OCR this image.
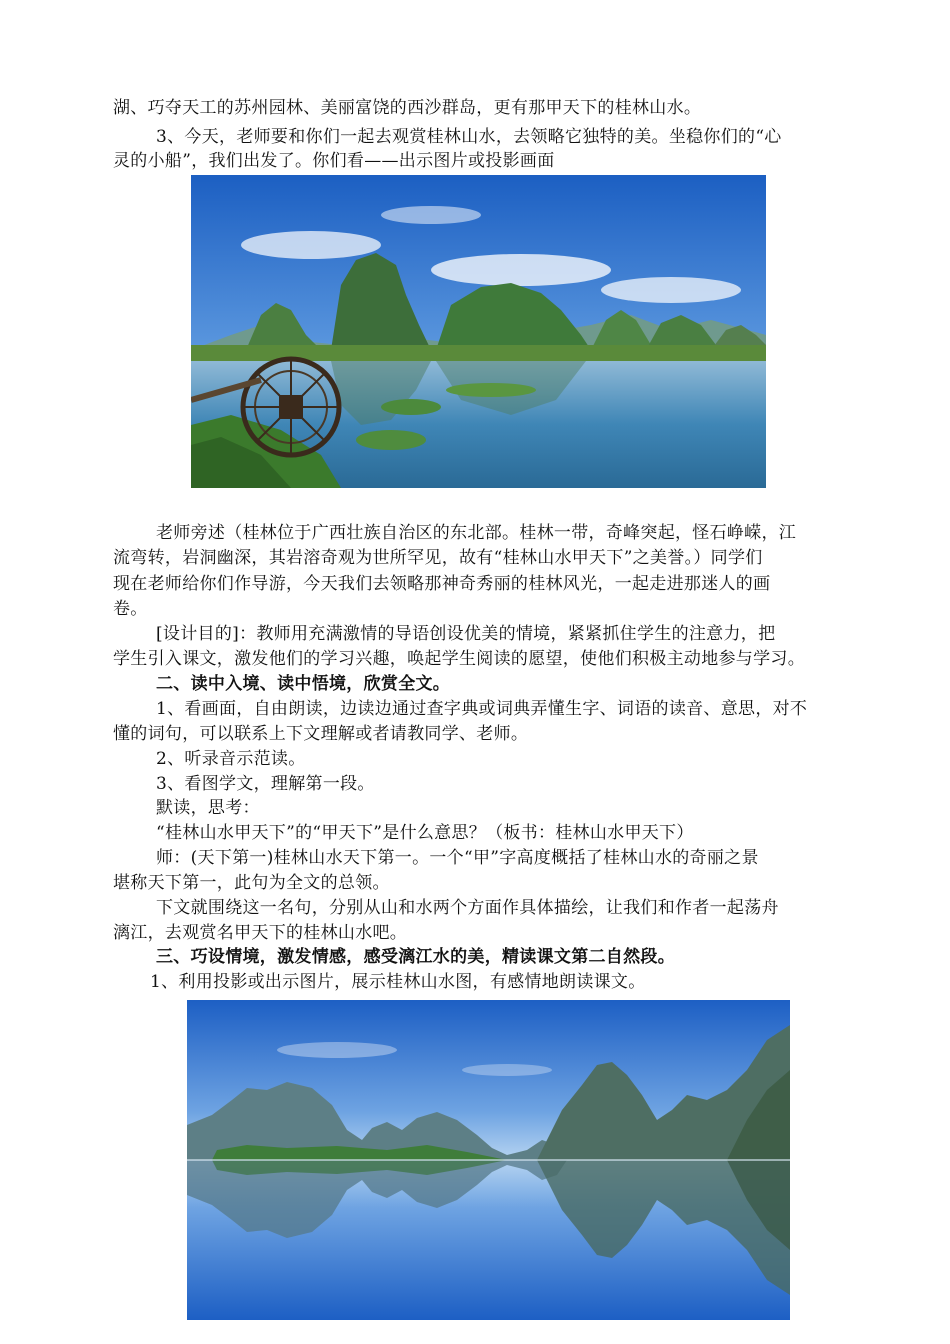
湖、巧夺天工的苏州园林、美丽富饶的西沙群岛，更有那甲天下的桂林山水。
3、今天，老师要和你们一起去观赏桂林山水，去领略它独特的美。坐稳你们的“心
灵的小船”，我们出发了。你们看——出示图片或投影画面
老师旁述（桂林位于广西壮族自治区的东北部。桂林一带，奇峰突起，怪石峥嵘，江
流弯转，岩洞幽深，其岩溶奇观为世所罕见，故有“桂林山水甲天下”之美誉。）同学们
现在老师给你们作导游，今天我们去领略那神奇秀丽的桂林风光，一起走进那迷人的画
卷。
[设计目的]：教师用充满激情的导语创设优美的情境，紧紧抓住学生的注意力，把
学生引入课文，激发他们的学习兴趣，唤起学生阅读的愿望，使他们积极主动地参与学习。
二、读中入境、读中悟境，欣赏全文。
1、看画面，自由朗读，边读边通过查字典或词典弄懂生字、词语的读音、意思，对不
懂的词句，可以联系上下文理解或者请教同学、老师。
2、听录音示范读。
3、看图学文，理解第一段。
默读，思考：
“桂林山水甲天下”的“甲天下”是什么意思？（板书：桂林山水甲天下）
师：(天下第一)桂林山水天下第一。一个“甲”字高度概括了桂林山水的奇丽之景
堪称天下第一，此句为全文的总领。
下文就围绕这一名句，分别从山和水两个方面作具体描绘，让我们和作者一起荡舟
漓江，去观赏名甲天下的桂林山水吧。
三、巧设情境，激发情感，感受漓江水的美，精读课文第二自然段。
1、利用投影或出示图片，展示桂林山水图，有感情地朗读课文。
